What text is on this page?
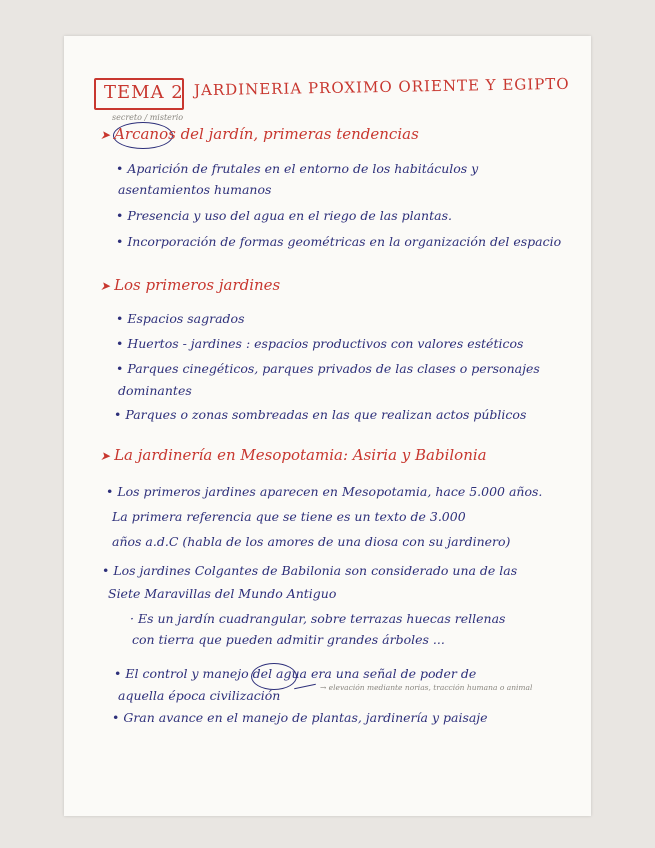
TEMA 2 JARDINERIA PROXIMO ORIENTE Y EGIPTO
secreto / misterio
➤ Arcanos del jardín, primeras tendencias
• Aparición de frutales en el entorno de los habitáculos y
asentamientos humanos
• Presencia y uso del agua en el riego de las plantas.
• Incorporación de formas geométricas en la organización del espacio
➤ Los primeros jardines
• Espacios sagrados
• Huertos - jardines : espacios productivos con valores estéticos
• Parques cinegéticos, parques privados de las clases o personajes
dominantes
• Parques o zonas sombreadas en las que realizan actos públicos
➤ La jardinería en Mesopotamia: Asiria y Babilonia
• Los primeros jardines aparecen en Mesopotamia, hace 5.000 años.
La primera referencia que se tiene es un texto de 3.000
años a.d.C (habla de los amores de una diosa con su jardinero)
• Los jardines Colgantes de Babilonia son considerado una de las
Siete Maravillas del Mundo Antiguo
· Es un jardín cuadrangular, sobre terrazas huecas rellenas
con tierra que pueden admitir grandes árboles ...
• El control y manejo del agua era una señal de poder de
→ elevación mediante norias, tracción humana o animal
aquella época civilización
• Gran avance en el manejo de plantas, jardinería y paisaje
